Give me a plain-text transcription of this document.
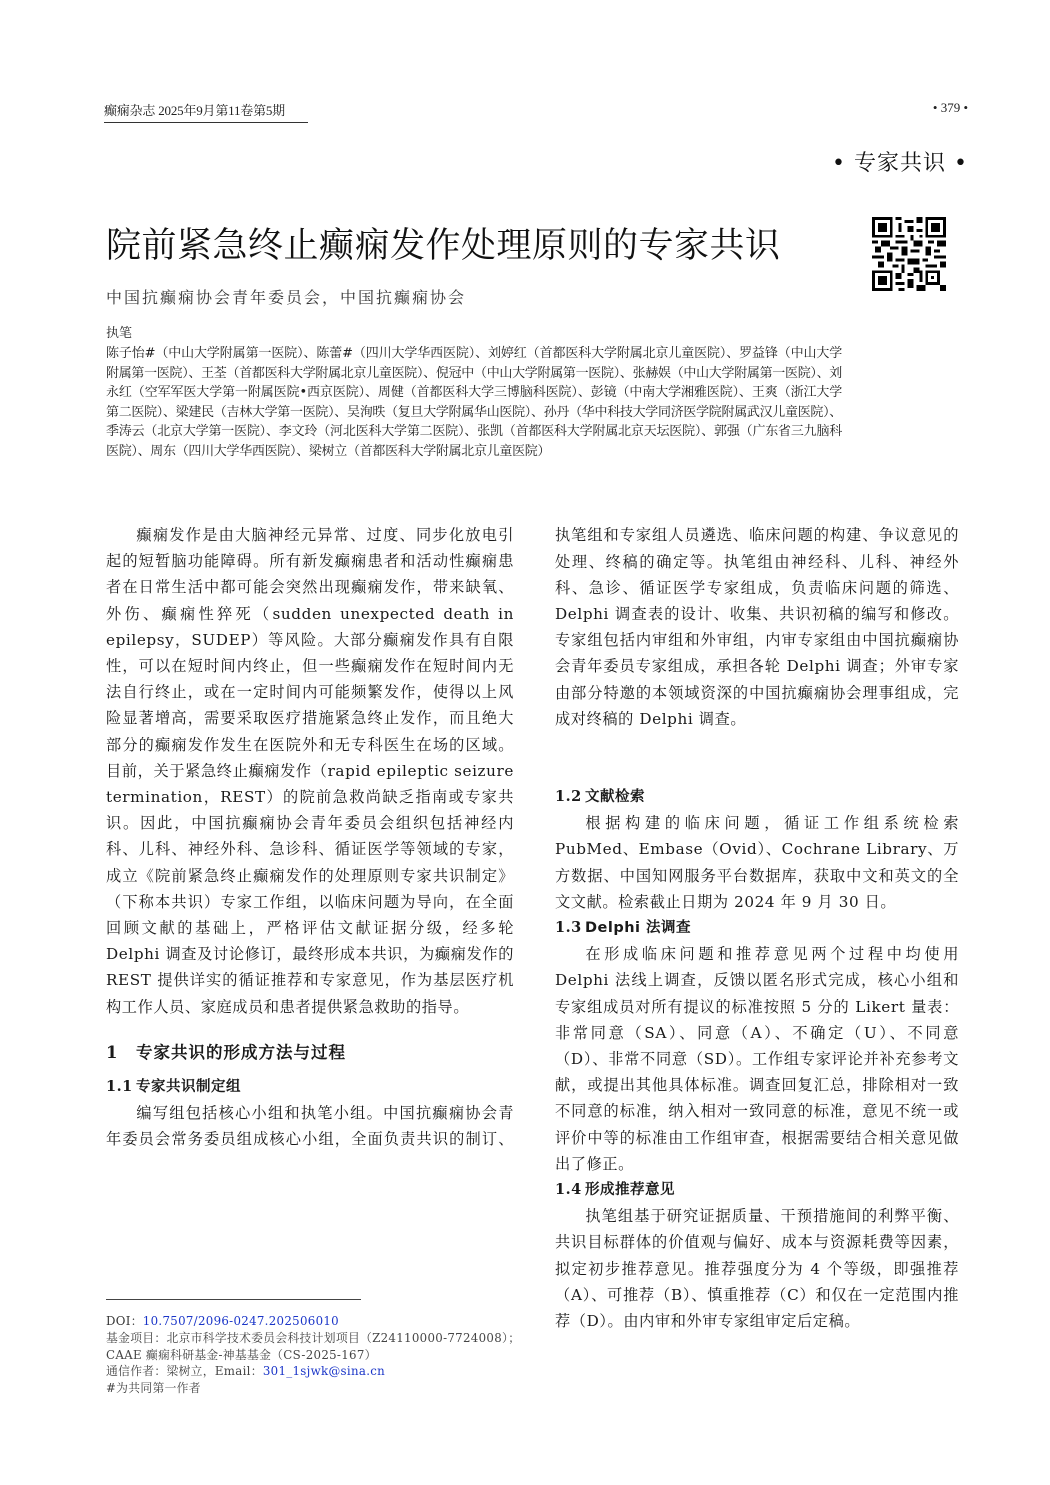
癫痫杂志 2025年9月第11卷第5期	• 379 •
• 专家共识 •
院前紧急终止癫痫发作处理原则的专家共识
中国抗癫痫协会青年委员会，中国抗癫痫协会
执笔
陈子怡#（中山大学附属第一医院）、陈蕾#（四川大学华西医院）、刘婷红（首都医科大学附属北京儿童医院）、罗益锋（中山大学附属第一医院）、王荃（首都医科大学附属北京儿童医院）、倪冠中（中山大学附属第一医院）、张赫娱（中山大学附属第一医院）、刘永红（空军军医大学第一附属医院•西京医院）、周健（首都医科大学三博脑科医院）、彭镜（中南大学湘雅医院）、王爽（浙江大学第二医院）、梁建民（吉林大学第一医院）、吴洵昳（复旦大学附属华山医院）、孙丹（华中科技大学同济医学院附属武汉儿童医院）、季涛云（北京大学第一医院）、李文玲（河北医科大学第二医院）、张凯（首都医科大学附属北京天坛医院）、郭强（广东省三九脑科医院）、周东（四川大学华西医院）、梁树立（首都医科大学附属北京儿童医院）

癫痫发作是由大脑神经元异常、过度、同步化放电引起的短暂脑功能障碍。所有新发癫痫患者和活动性癫痫患者在日常生活中都可能会突然出现癫痫发作，带来缺氧、外伤、癫痫性猝死（sudden unexpected death in epilepsy，SUDEP）等风险。大部分癫痫发作具有自限性，可以在短时间内终止，但一些癫痫发作在短时间内无法自行终止，或在一定时间内可能频繁发作，使得以上风险显著增高，需要采取医疗措施紧急终止发作，而且绝大部分的癫痫发作发生在医院外和无专科医生在场的区域。目前，关于紧急终止癫痫发作（rapid epileptic seizure termination，REST）的院前急救尚缺乏指南或专家共识。因此，中国抗癫痫协会青年委员会组织包括神经内科、儿科、神经外科、急诊科、循证医学等领域的专家，成立《院前紧急终止癫痫发作的处理原则专家共识制定》（下称本共识）专家工作组，以临床问题为导向，在全面回顾文献的基础上，严格评估文献证据分级，经多轮 Delphi 调查及讨论修订，最终形成本共识，为癫痫发作的 REST 提供详实的循证推荐和专家意见，作为基层医疗机构工作人员、家庭成员和患者提供紧急救助的指导。

1 专家共识的形成方法与过程

1.1 专家共识制定组

编写组包括核心小组和执笔小组。中国抗癫痫协会青年委员会常务委员组成核心小组，全面负责共识的制订、

执笔组和专家组人员遴选、临床问题的构建、争议意见的处理、终稿的确定等。执笔组由神经科、儿科、神经外科、急诊、循证医学专家组成，负责临床问题的筛选、Delphi 调查表的设计、收集、共识初稿的编写和修改。专家组包括内审组和外审组，内审专家组由中国抗癫痫协会青年委员专家组成，承担各轮 Delphi 调查；外审专家由部分特邀的本领域资深的中国抗癫痫协会理事组成，完成对终稿的 Delphi 调查。

1.2 文献检索

根据构建的临床问题，循证工作组系统检索 PubMed、Embase（Ovid）、Cochrane Library、万方数据、中国知网服务平台数据库，获取中文和英文的全文文献。检索截止日期为 2024 年 9 月 30 日。

1.3 Delphi 法调查

在形成临床问题和推荐意见两个过程中均使用 Delphi 法线上调查，反馈以匿名形式完成，核心小组和专家组成员对所有提议的标准按照 5 分的 Likert 量表：非常同意（SA）、同意（A）、不确定（U）、不同意（D）、非常不同意（SD）。工作组专家评论并补充参考文献，或提出其他具体标准。调查回复汇总，排除相对一致不同意的标准，纳入相对一致同意的标准，意见不统一或评价中等的标准由工作组审查，根据需要结合相关意见做出了修正。

1.4 形成推荐意见

执笔组基于研究证据质量、干预措施间的利弊平衡、共识目标群体的价值观与偏好、成本与资源耗费等因素，拟定初步推荐意见。推荐强度分为 4 个等级，即强推荐（A）、可推荐（B）、慎重推荐（C）和仅在一定范围内推荐（D）。由内审和外审专家组审定后定稿。

DOI：10.7507/2096-0247.202506010
基金项目：北京市科学技术委员会科技计划项目（Z24110000-7724008）；CAAE 癫痫科研基金-神基基金（CS-2025-167）
通信作者：梁树立，Email：301_1sjwk@sina.cn
#为共同第一作者
